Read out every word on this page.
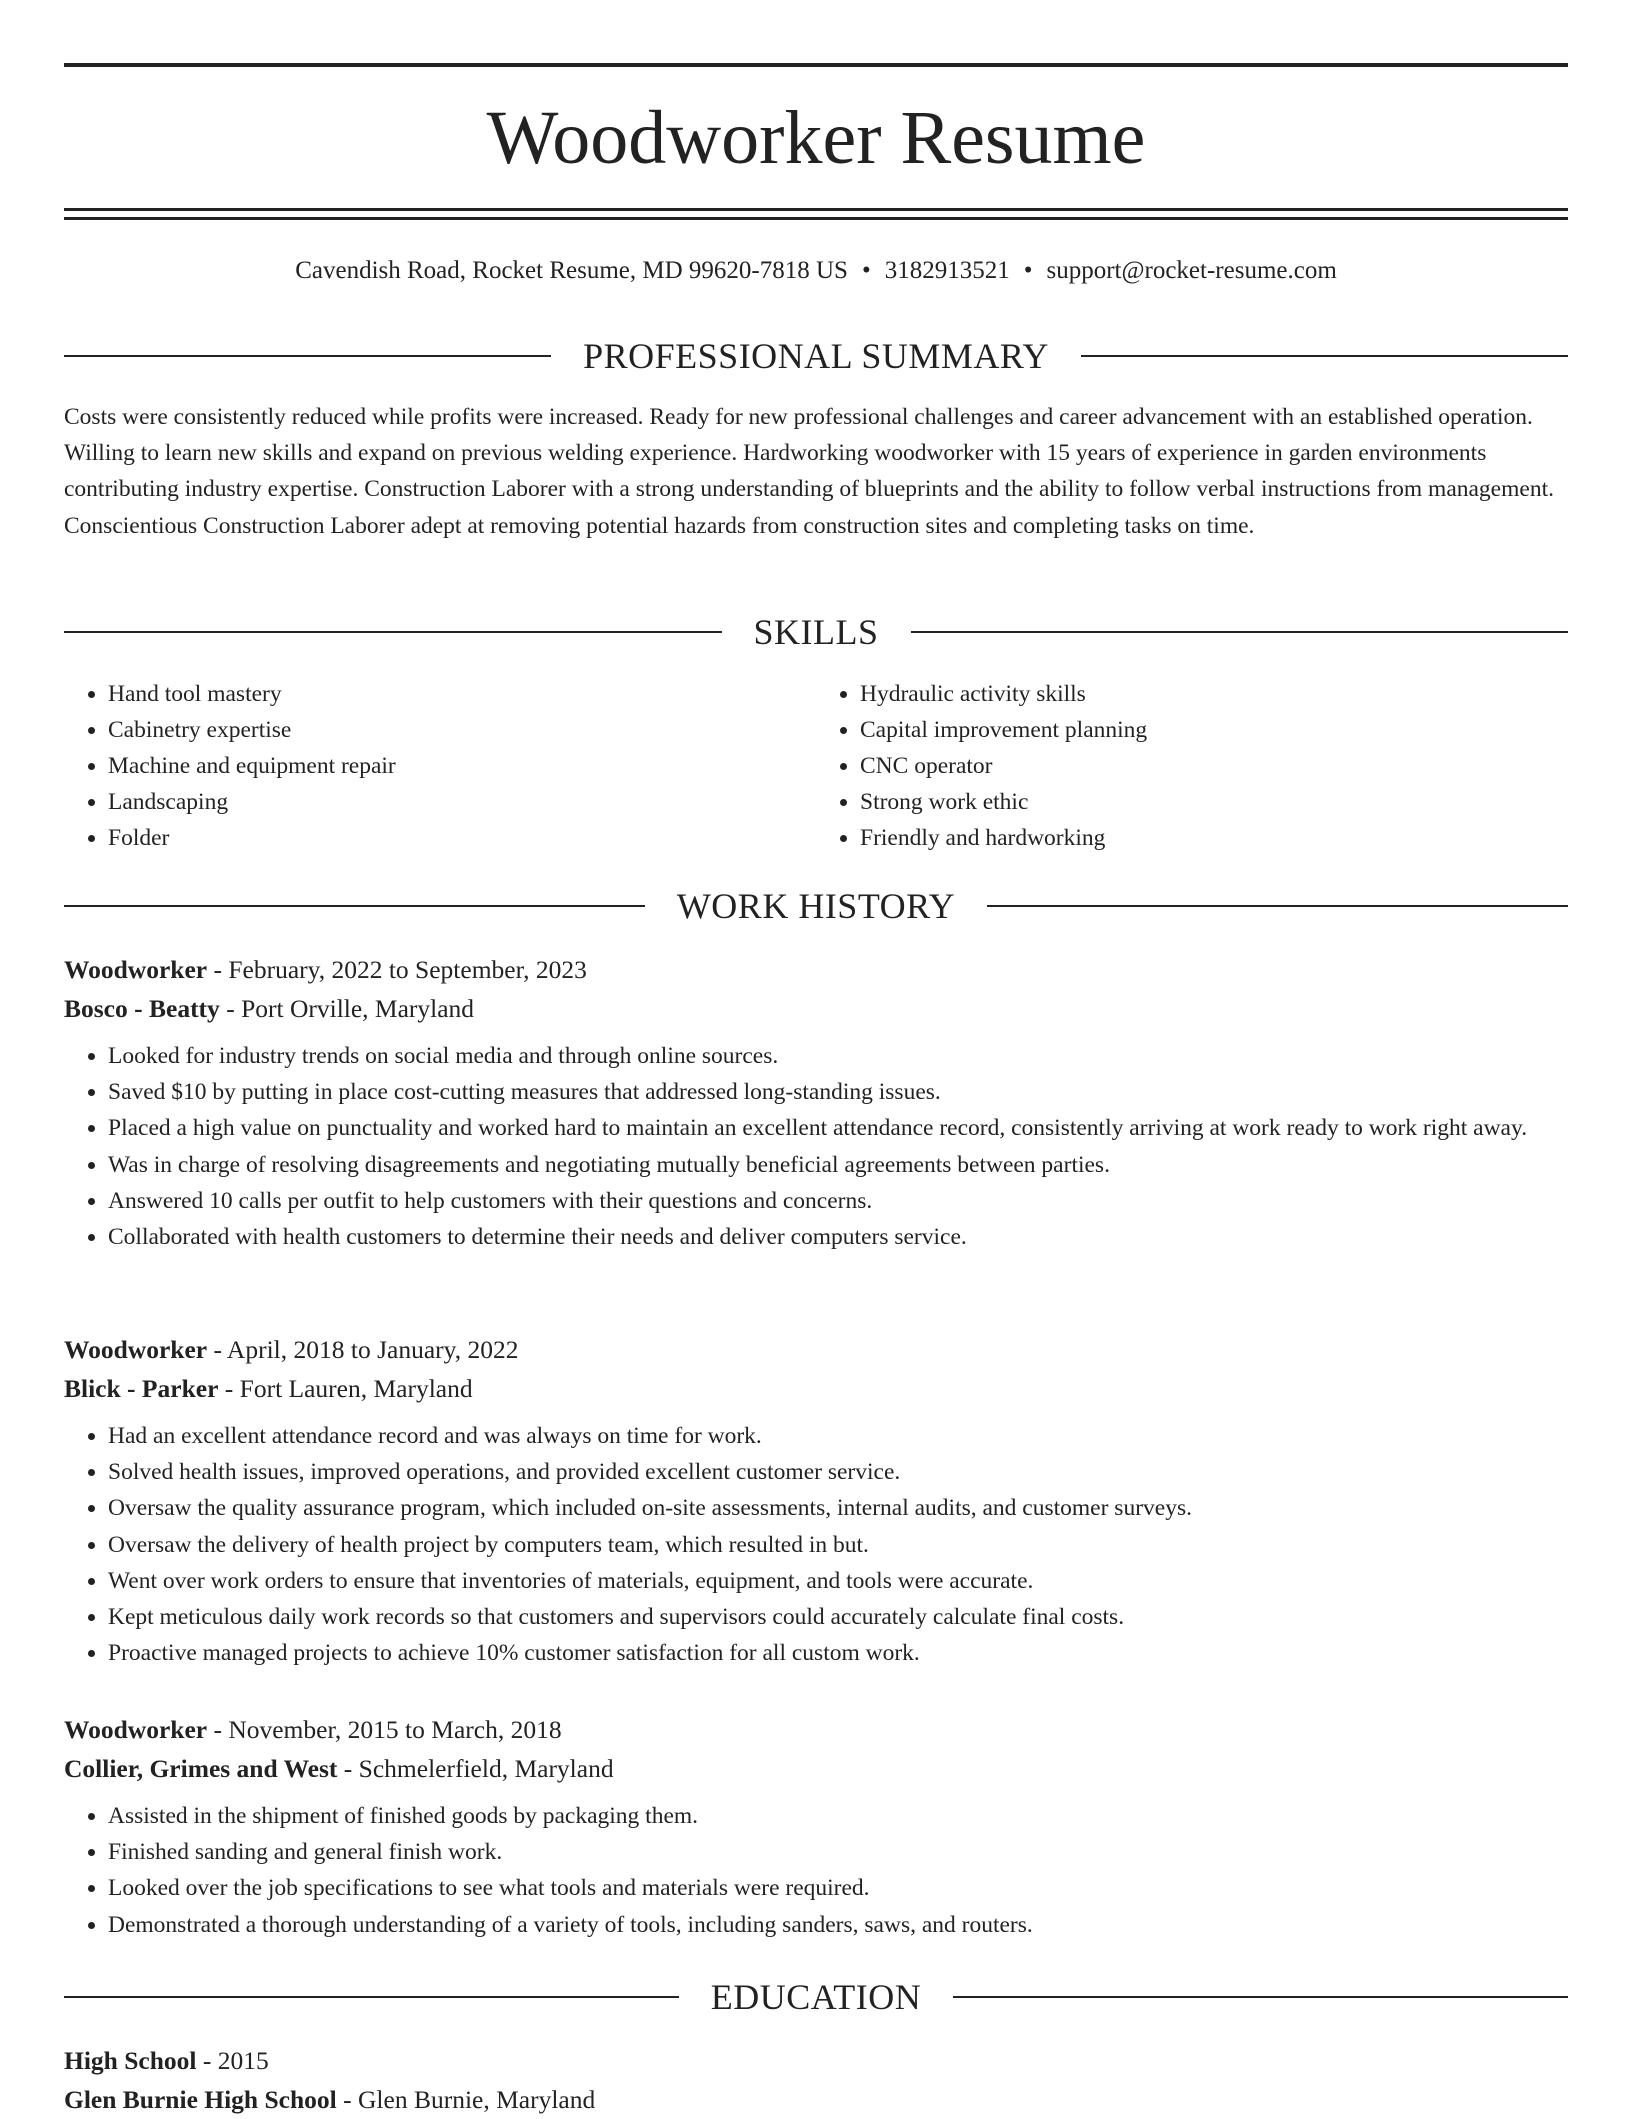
Woodworker Resume
Cavendish Road, Rocket Resume, MD 99620-7818 US • 3182913521 • support@rocket-resume.com
PROFESSIONAL SUMMARY

Costs were consistently reduced while profits were increased. Ready for new professional challenges and career advancement with an established operation. Willing to learn new skills and expand on previous welding experience. Hardworking woodworker with 15 years of experience in garden environments contributing industry expertise. Construction Laborer with a strong understanding of blueprints and the ability to follow verbal instructions from management. Conscientious Construction Laborer adept at removing potential hazards from construction sites and completing tasks on time.

SKILLS
• Hand tool mastery
• Cabinetry expertise
• Machine and equipment repair
• Landscaping
• Folder
• Hydraulic activity skills
• Capital improvement planning
• CNC operator
• Strong work ethic
• Friendly and hardworking
WORK HISTORY
Woodworker - February, 2022 to September, 2023
Bosco - Beatty - Port Orville, Maryland
• Looked for industry trends on social media and through online sources.
• Saved $10 by putting in place cost-cutting measures that addressed long-standing issues.
• Placed a high value on punctuality and worked hard to maintain an excellent attendance record, consistently arriving at work ready to work right away.
• Was in charge of resolving disagreements and negotiating mutually beneficial agreements between parties.
• Answered 10 calls per outfit to help customers with their questions and concerns.
• Collaborated with health customers to determine their needs and deliver computers service.
Woodworker - April, 2018 to January, 2022
Blick - Parker - Fort Lauren, Maryland
• Had an excellent attendance record and was always on time for work.
• Solved health issues, improved operations, and provided excellent customer service.
• Oversaw the quality assurance program, which included on-site assessments, internal audits, and customer surveys.
• Oversaw the delivery of health project by computers team, which resulted in but.
• Went over work orders to ensure that inventories of materials, equipment, and tools were accurate.
• Kept meticulous daily work records so that customers and supervisors could accurately calculate final costs.
• Proactive managed projects to achieve 10% customer satisfaction for all custom work.
Woodworker - November, 2015 to March, 2018
Collier, Grimes and West - Schmelerfield, Maryland
• Assisted in the shipment of finished goods by packaging them.
• Finished sanding and general finish work.
• Looked over the job specifications to see what tools and materials were required.
• Demonstrated a thorough understanding of a variety of tools, including sanders, saws, and routers.
EDUCATION
High School - 2015
Glen Burnie High School - Glen Burnie, Maryland
